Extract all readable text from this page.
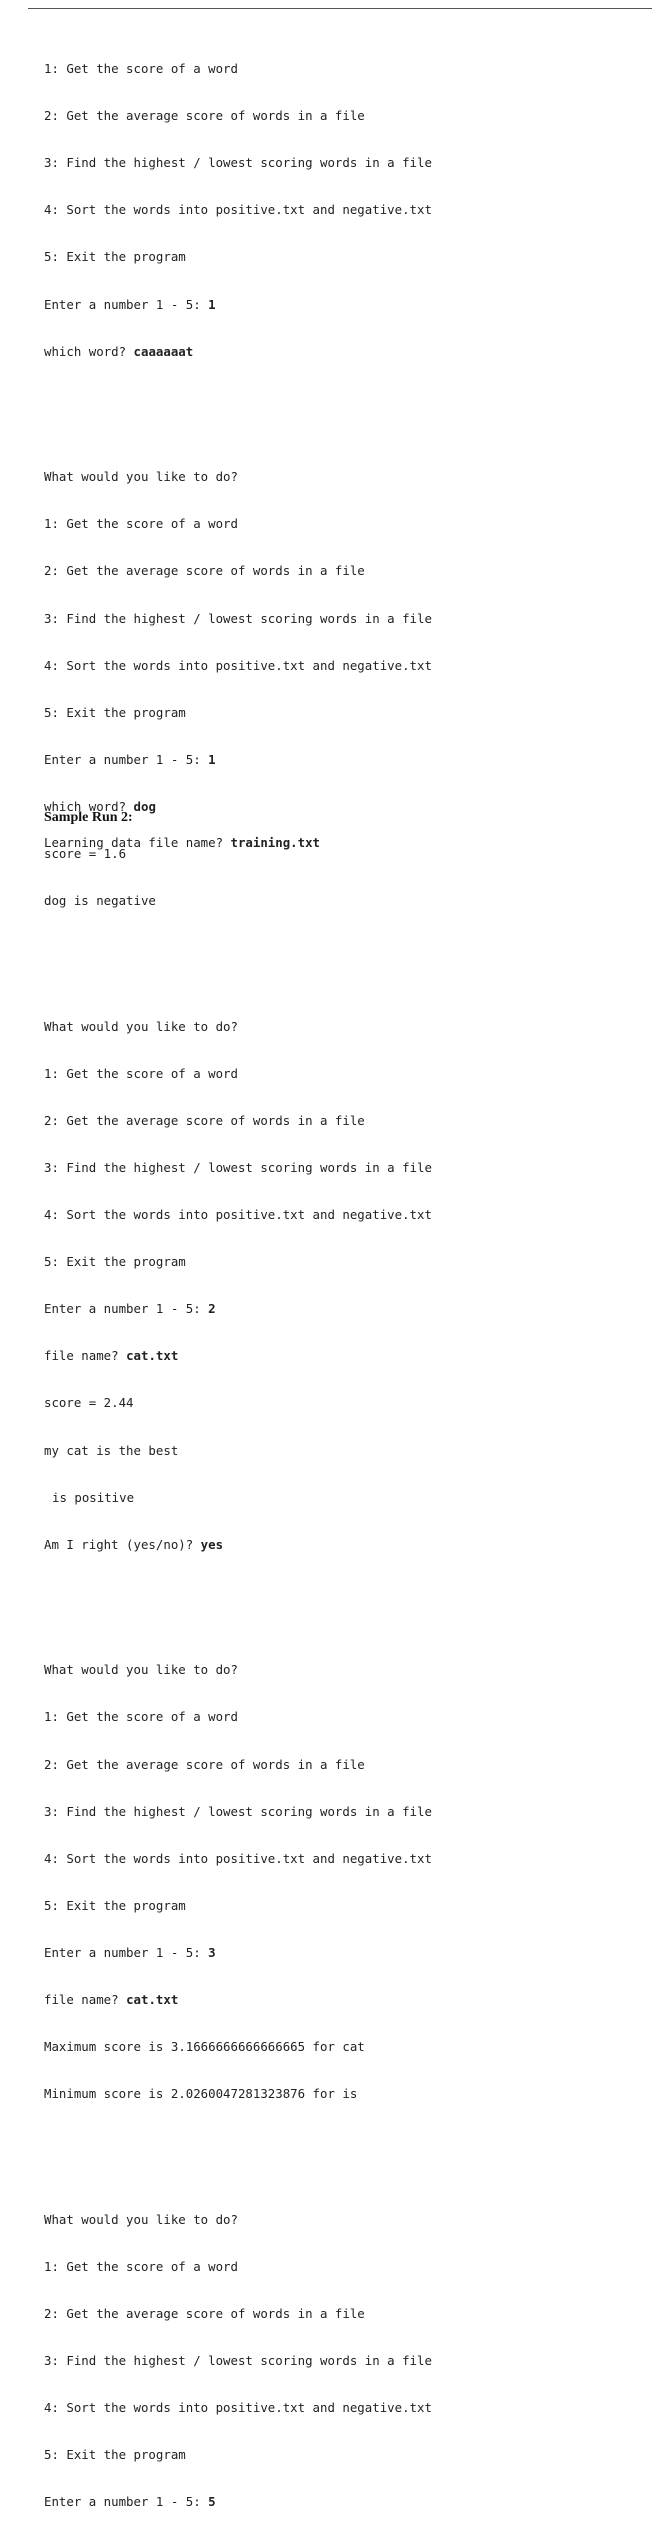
1: Get the score of a word

2: Get the average score of words in a file

3: Find the highest / lowest scoring words in a file

4: Sort the words into positive.txt and negative.txt

5: Exit the program

Enter a number 1 - 5: 1

which word? caaaaaat

What would you like to do?

1: Get the score of a word

2: Get the average score of words in a file

3: Find the highest / lowest scoring words in a file

4: Sort the words into positive.txt and negative.txt

5: Exit the program

Enter a number 1 - 5: 1

which word? dog

score = 1.6

dog is negative

What would you like to do?

1: Get the score of a word

2: Get the average score of words in a file

3: Find the highest / lowest scoring words in a file

4: Sort the words into positive.txt and negative.txt

5: Exit the program

Enter a number 1 - 5: 2

file name? cat.txt

score = 2.44

my cat is the best

is positive

Am I right (yes/no)? yes

What would you like to do?

1: Get the score of a word

2: Get the average score of words in a file

3: Find the highest / lowest scoring words in a file

4: Sort the words into positive.txt and negative.txt

5: Exit the program

Enter a number 1 - 5: 3

file name? cat.txt

Maximum score is 3.1666666666666665 for cat

Minimum score is 2.0260047281323876 for is

What would you like to do?

1: Get the score of a word

2: Get the average score of words in a file

3: Find the highest / lowest scoring words in a file

4: Sort the words into positive.txt and negative.txt

5: Exit the program

Enter a number 1 - 5: 5

Sample Run 2:
Learning data file name? training.txt
